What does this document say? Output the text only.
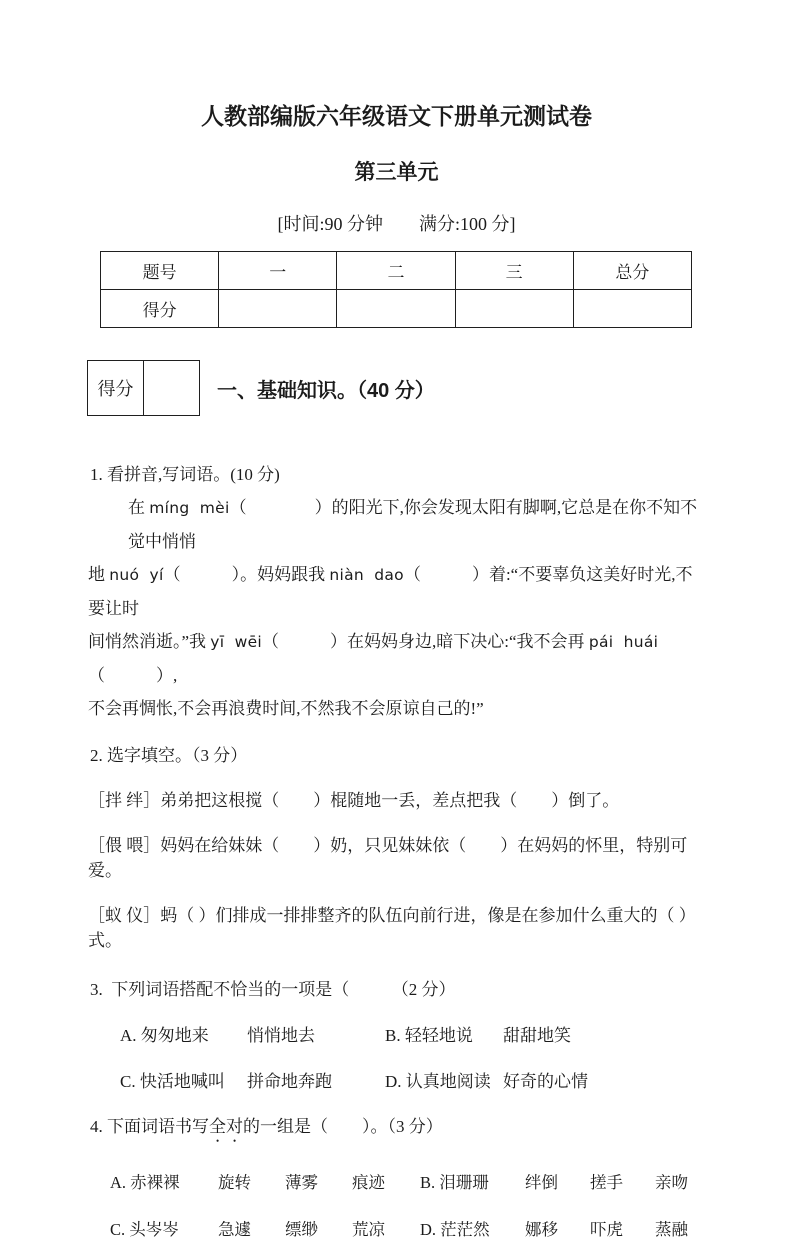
人教部编版六年级语文下册单元测试卷
第三单元
[时间:90 分钟　　满分:100 分]
题号	一	二	三	总分
得分				
得分	一、基础知识。（40 分）
1. 看拼音,写词语。(10 分)
在 míng mèi（　　　　）的阳光下,你会发现太阳有脚啊,它总是在你不知不觉中悄悄
地 nuó yí（　　　）。妈妈跟我 niàn dao（　　　）着:“不要辜负这美好时光,不要让时
间悄然消逝。”我 yī wēi（　　　）在妈妈身边,暗下决心:“我不会再 pái huái（　　　）,
不会再惆怅,不会再浪费时间,不然我不会原谅自己的!”
2. 选字填空。（3 分）
［拌 绊］弟弟把这根搅（　　）棍随地一丢，差点把我（　　）倒了。
［偎 喂］妈妈在给妹妹（　　）奶，只见妹妹依（　　）在妈妈的怀里，特别可爱。
［蚁 仪］蚂（ ）们排成一排排整齐的队伍向前行进，像是在参加什么重大的（ ）式。
3.  下列词语搭配不恰当的一项是（　　　（2 分）
A. 匆匆地来	悄悄地去	B. 轻轻地说	甜甜地笑
C. 快活地喊叫	拼命地奔跑	D. 认真地阅读 好奇的心情
4. 下面词语书写全对的一组是（　　）。（3 分）
A. 赤裸裸	旋转	薄雾	痕迹	B. 泪珊珊	绊倒	搓手	亲吻
C. 头岑岑	急遽	缥缈	荒凉	D. 茫茫然	娜移	吓虎	蒸融
